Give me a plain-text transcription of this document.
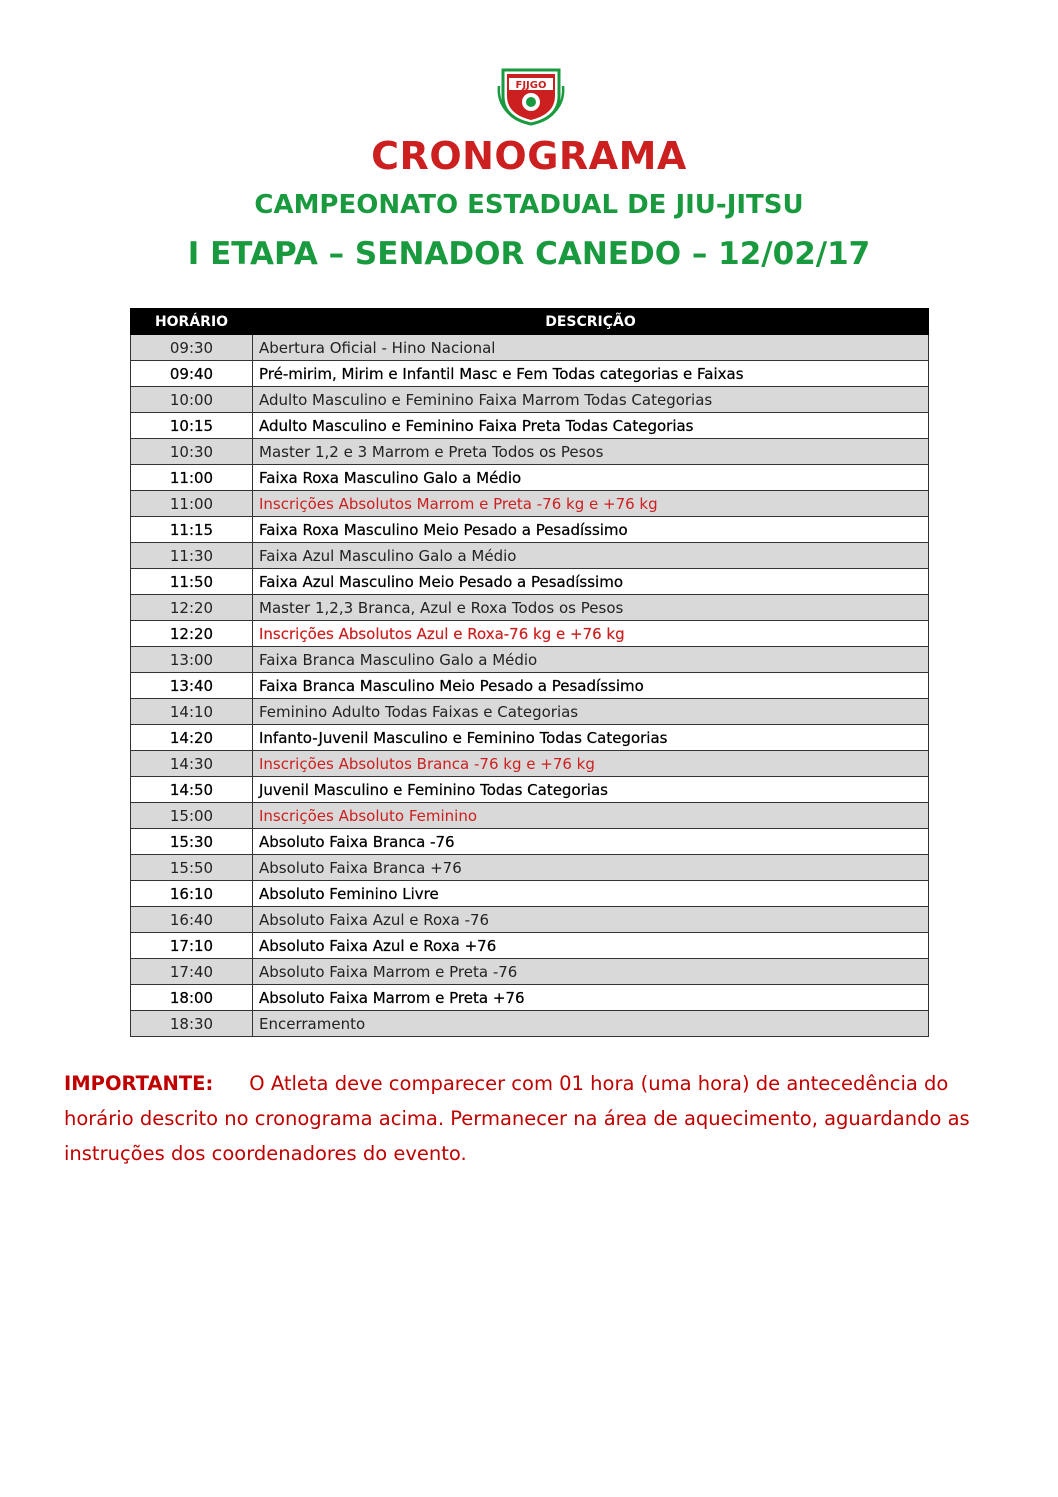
FJJGO
CRONOGRAMA
CAMPEONATO ESTADUAL DE JIU-JITSU
I ETAPA – SENADOR CANEDO – 12/02/17
HORÁRIO	DESCRIÇÃO
09:30	Abertura Oficial - Hino Nacional
09:40	Pré-mirim, Mirim e Infantil Masc e Fem Todas categorias e Faixas
10:00	Adulto Masculino e Feminino Faixa Marrom Todas Categorias
10:15	Adulto Masculino e Feminino Faixa Preta Todas Categorias
10:30	Master 1,2 e 3 Marrom e Preta Todos os Pesos
11:00	Faixa Roxa Masculino Galo a Médio
11:00	Inscrições Absolutos Marrom e Preta -76 kg e +76 kg
11:15	Faixa Roxa Masculino Meio Pesado a Pesadíssimo
11:30	Faixa Azul Masculino Galo a Médio
11:50	Faixa Azul Masculino Meio Pesado a Pesadíssimo
12:20	Master 1,2,3 Branca, Azul e Roxa Todos os Pesos
12:20	Inscrições Absolutos Azul e Roxa-76 kg e +76 kg
13:00	Faixa Branca Masculino Galo a Médio
13:40	Faixa Branca Masculino Meio Pesado a Pesadíssimo
14:10	Feminino Adulto Todas Faixas e Categorias
14:20	Infanto-Juvenil Masculino e Feminino Todas Categorias
14:30	Inscrições Absolutos Branca -76 kg e +76 kg
14:50	Juvenil Masculino e Feminino Todas Categorias
15:00	Inscrições Absoluto Feminino
15:30	Absoluto Faixa Branca -76
15:50	Absoluto Faixa Branca +76
16:10	Absoluto Feminino Livre
16:40	Absoluto Faixa Azul e Roxa -76
17:10	Absoluto Faixa Azul e Roxa +76
17:40	Absoluto Faixa Marrom e Preta -76
18:00	Absoluto Faixa Marrom e Preta +76
18:30	Encerramento
IMPORTANTE: O Atleta deve comparecer com 01 hora (uma hora) de antecedência do horário descrito no cronograma acima. Permanecer na área de aquecimento, aguardando as instruções dos coordenadores do evento.
